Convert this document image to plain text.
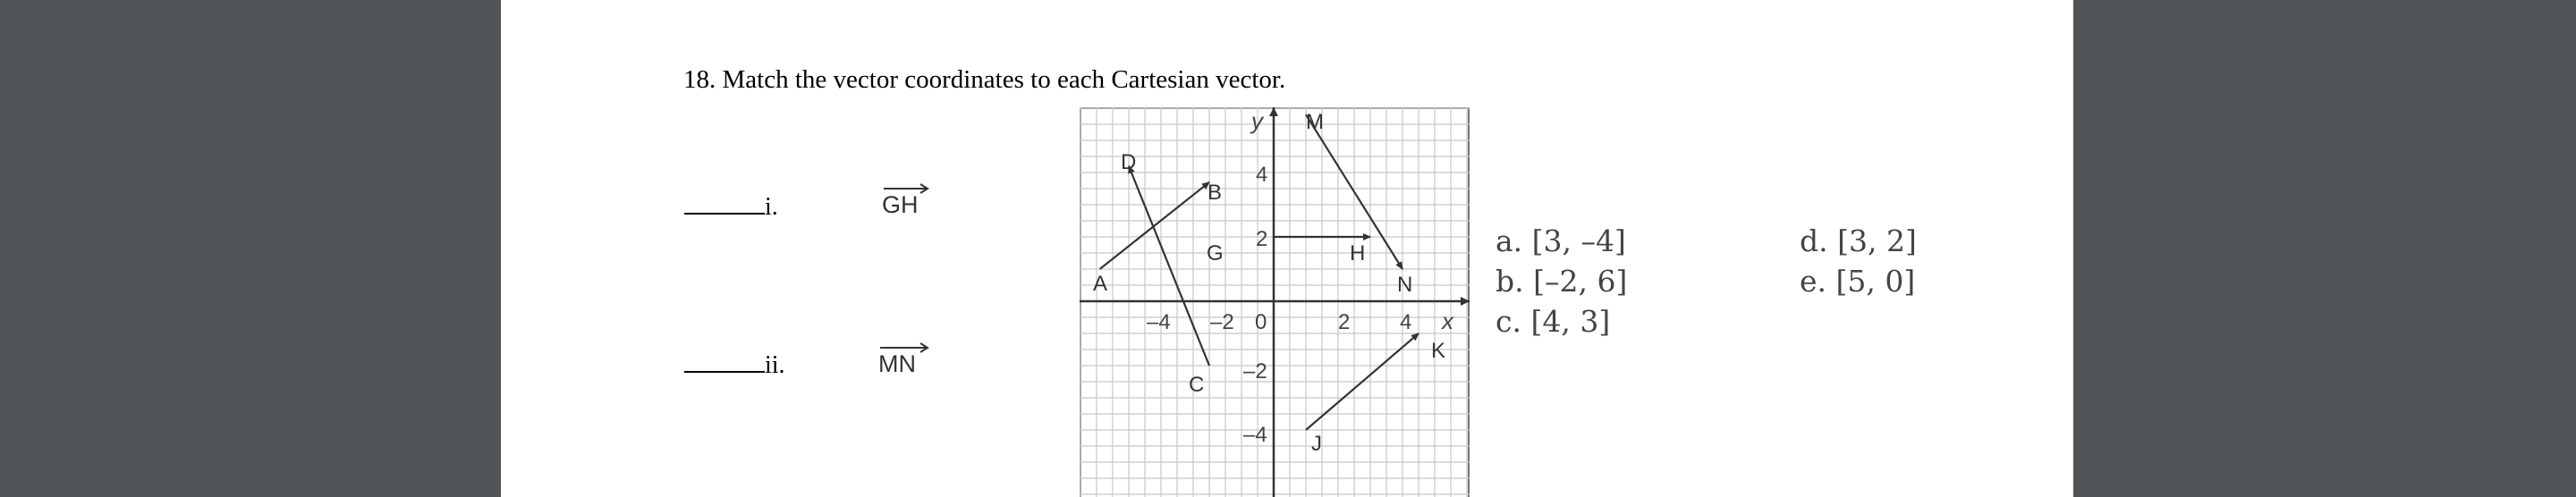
18. Match the vector coordinates to each Cartesian vector.
i.	GH
ii.	MN
–4 –2 0	2 4 x
4
2
–2
–4
y
A
B
C
D
G	H
J
K
M
N
a. [3, –4]
b. [–2, 6]
c. [4, 3]
d. [3, 2]
e. [5, 0]
